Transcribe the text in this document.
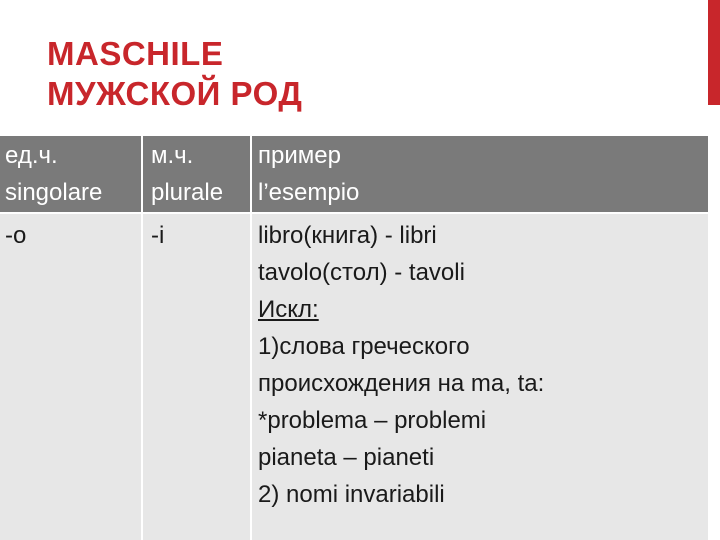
MASCHILE
МУЖСКОЙ РОД
ед.ч.
singolare
м.ч.
plurale
пример
l’esempio
-o	-i	libro(книга) - libri
tavolo(стол) - tavoli
Искл:
1)слова греческого
происхождения на ma, ta:
*problema – problemi
pianeta – pianeti
2) nomi invariabili
